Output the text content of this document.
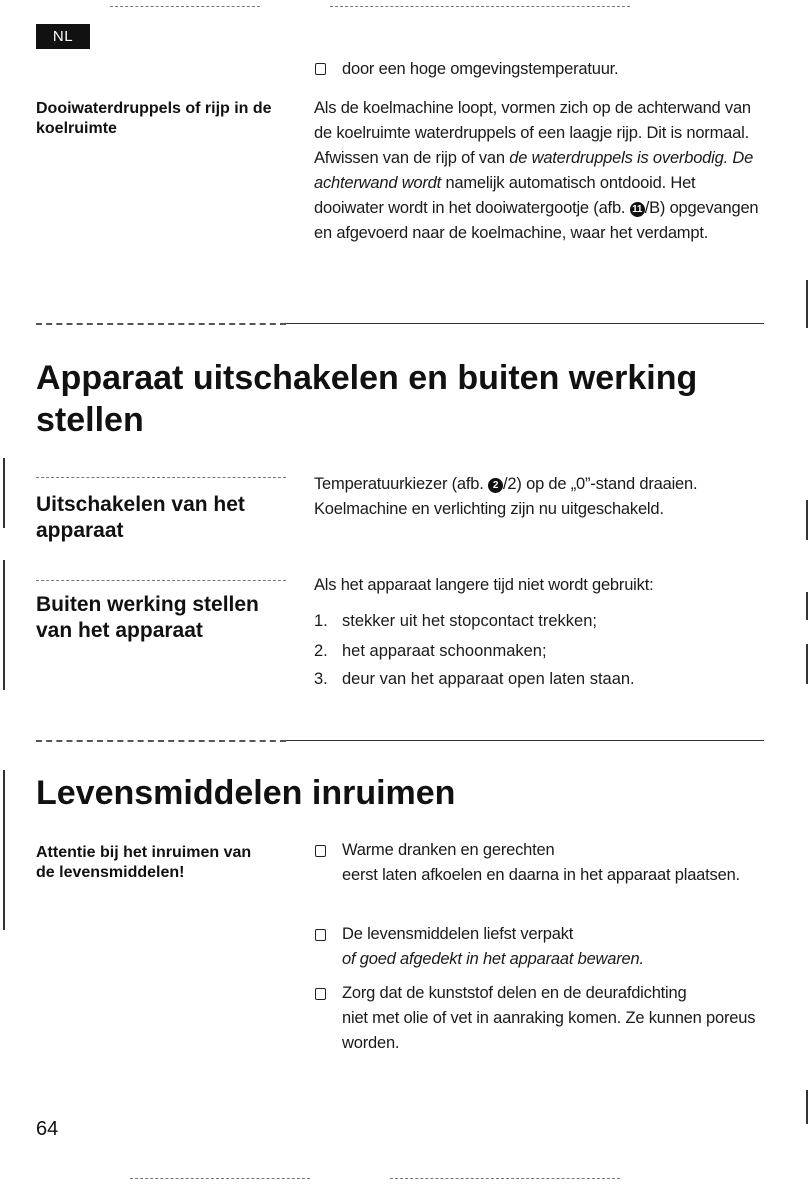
NL
door een hoge omgevingstemperatuur.
Dooiwaterdruppels of rijp in de koelruimte

Als de koelmachine loopt, vormen zich op de achterwand van de koelruimte waterdruppels of een laagje rijp. Dit is normaal. Afwissen van de rijp of van de waterdruppels is overbodig. De achterwand wordt namelijk automatisch ontdooid. Het dooiwater wordt in het dooiwatergootje (afb. 11 /B) opgevangen en afgevoerd naar de koelmachine, waar het verdampt.

Apparaat uitschakelen en buiten werking stellen
Uitschakelen van het apparaat

Temperatuurkiezer (afb. 2 /2) op de „0”-stand draaien. Koelmachine en verlichting zijn nu uitgeschakeld.

Buiten werking stellen van het apparaat
Als het apparaat langere tijd niet wordt gebruikt:
1. stekker uit het stopcontact trekken;
2. het apparaat schoonmaken;
3. deur van het apparaat open laten staan.
Levensmiddelen inruimen
Attentie bij het inruimen van de levensmiddelen!

Warme dranken en gerechten

eerst laten afkoelen en daarna in het apparaat plaatsen.

De levensmiddelen liefst verpakt

of goed afgedekt in het apparaat bewaren.

Zorg dat de kunststof delen en de deurafdichting

niet met olie of vet in aanraking komen. Ze kunnen poreus worden.

64
